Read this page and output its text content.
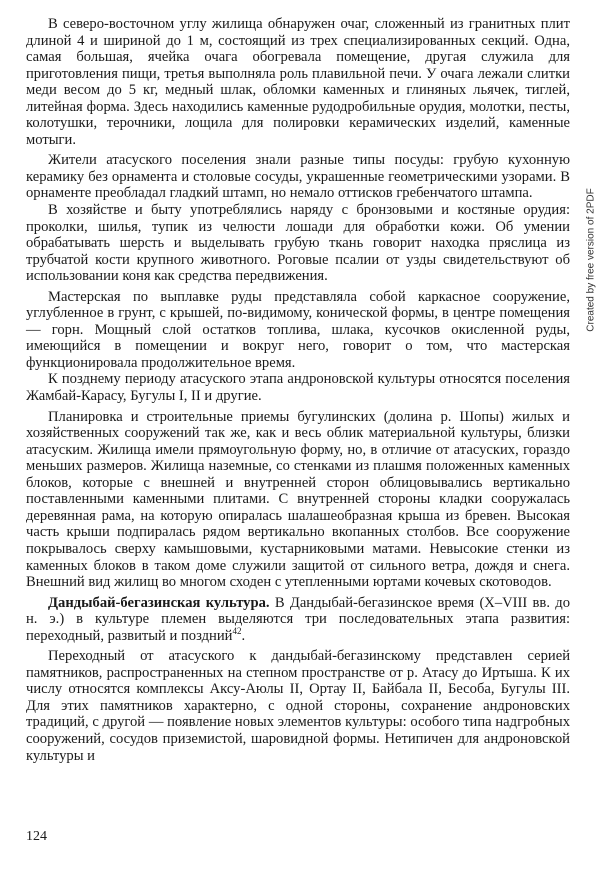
В северо-восточном углу жилища обнаружен очаг, сложенный из гранитных плит длиной 4 и шириной до 1 м, состоящий из трех специализированных секций. Одна, самая большая, ячейка очага обогревала помещение, другая служила для приготовления пищи, третья выполняла роль плавильной печи. У очага лежали слитки меди весом до 5 кг, медный шлак, обломки каменных и глиняных льячек, тиглей, литейная форма. Здесь находились каменные рудодробильные орудия, молотки, песты, колотушки, терочники, лощила для полировки керамических изделий, каменные мотыги.

Жители атасуского поселения знали разные типы посуды: грубую кухонную керамику без орнамента и столовые сосуды, украшенные геометрическими узорами. В орнаменте преобладал гладкий штамп, но немало оттисков гребенчатого штампа.

В хозяйстве и быту употреблялись наряду с бронзовыми и костяные орудия: проколки, шилья, тупик из челюсти лошади для обработки кожи. Об умении обрабатывать шерсть и выделывать грубую ткань говорит находка пряслица из трубчатой кости крупного животного. Роговые псалии от узды свидетельствуют об использовании коня как средства передвижения.

Мастерская по выплавке руды представляла собой каркасное сооружение, углубленное в грунт, с крышей, по-видимому, конической формы, в центре помещения — горн. Мощный слой остатков топлива, шлака, кусочков окисленной руды, имеющийся в помещении и вокруг него, говорит о том, что мастерская функционировала продолжительное время.

К позднему периоду атасуского этапа андроновской культуры относятся поселения Жамбай-Карасу, Бугулы I, II и другие.

Планировка и строительные приемы бугулинских (долина р. Шопы) жилых и хозяйственных сооружений так же, как и весь облик материальной культуры, близки атасуским. Жилища имели прямоугольную форму, но, в отличие от атасуских, гораздо меньших размеров. Жилища наземные, со стенками из плашмя положенных каменных блоков, которые с внешней и внутренней сторон облицовывались вертикально поставленными каменными плитами. С внутренней стороны кладки сооружалась деревянная рама, на которую опиралась шалашеобразная крыша из бревен. Высокая часть крыши подпиралась рядом вертикально вкопанных столбов. Все сооружение покрывалось сверху камышовыми, кустарниковыми матами. Невысокие стенки из каменных блоков в таком доме служили защитой от сильного ветра, дождя и снега. Внешний вид жилищ во многом сходен с утепленными юртами кочевых скотоводов.

Дандыбай-бегазинская культура. В Дандыбай-бегазинское время (X–VIII вв. до н. э.) в культуре племен выделяются три последовательных этапа развития: переходный, развитый и поздний$^{42}$.

Переходный от атасуского к дандыбай-бегазинскому представлен серией памятников, распространенных на степном пространстве от р. Атасу до Иртыша. К их числу относятся комплексы Аксу-Аюлы II, Ортау II, Байбала II, Бесоба, Бугулы III. Для этих памятников характерно, с одной стороны, сохранение андроновских традиций, с другой — появление новых элементов культуры: особого типа надгробных сооружений, сосудов приземистой, шаровидной формы. Нетипичен для андроновской культуры и

124
Created by free version of 2PDF
